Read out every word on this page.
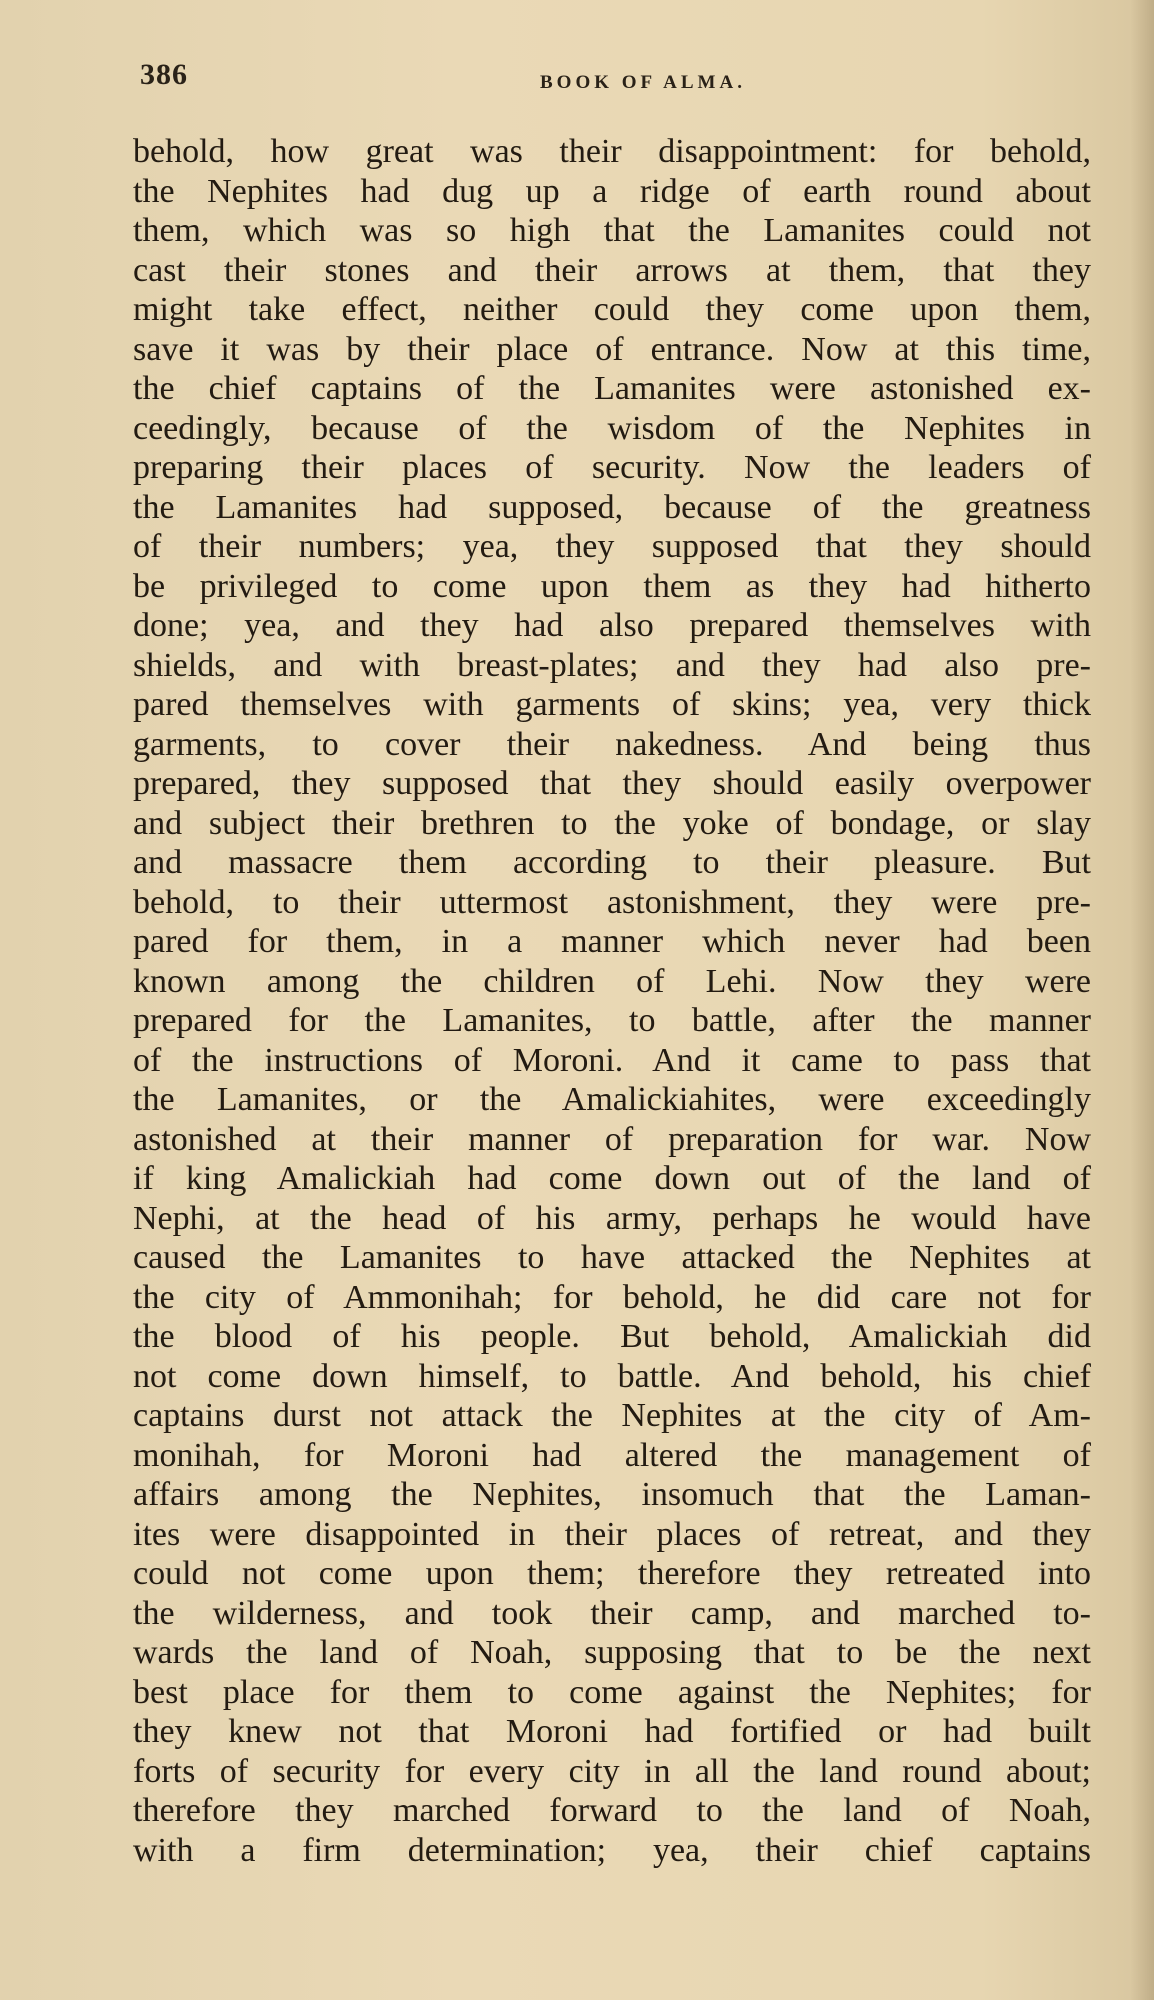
386	BOOK OF ALMA.
behold, how great was their disappointment: for behold,
the Nephites had dug up a ridge of earth round about
them, which was so high that the Lamanites could not
cast their stones and their arrows at them, that they
might take effect, neither could they come upon them,
save it was by their place of entrance. Now at this time,
the chief captains of the Lamanites were astonished ex-
ceedingly, because of the wisdom of the Nephites in
preparing their places of security. Now the leaders of
the Lamanites had supposed, because of the greatness
of their numbers; yea, they supposed that they should
be privileged to come upon them as they had hitherto
done; yea, and they had also prepared themselves with
shields, and with breast-plates; and they had also pre-
pared themselves with garments of skins; yea, very thick
garments, to cover their nakedness. And being thus
prepared, they supposed that they should easily overpower
and subject their brethren to the yoke of bondage, or slay
and massacre them according to their pleasure. But
behold, to their uttermost astonishment, they were pre-
pared for them, in a manner which never had been
known among the children of Lehi. Now they were
prepared for the Lamanites, to battle, after the manner
of the instructions of Moroni. And it came to pass that
the Lamanites, or the Amalickiahites, were exceedingly
astonished at their manner of preparation for war. Now
if king Amalickiah had come down out of the land of
Nephi, at the head of his army, perhaps he would have
caused the Lamanites to have attacked the Nephites at
the city of Ammonihah; for behold, he did care not for
the blood of his people. But behold, Amalickiah did
not come down himself, to battle. And behold, his chief
captains durst not attack the Nephites at the city of Am-
monihah, for Moroni had altered the management of
affairs among the Nephites, insomuch that the Laman-
ites were disappointed in their places of retreat, and they
could not come upon them; therefore they retreated into
the wilderness, and took their camp, and marched to-
wards the land of Noah, supposing that to be the next
best place for them to come against the Nephites; for
they knew not that Moroni had fortified or had built
forts of security for every city in all the land round about;
therefore they marched forward to the land of Noah,
with a firm determination; yea, their chief captains
